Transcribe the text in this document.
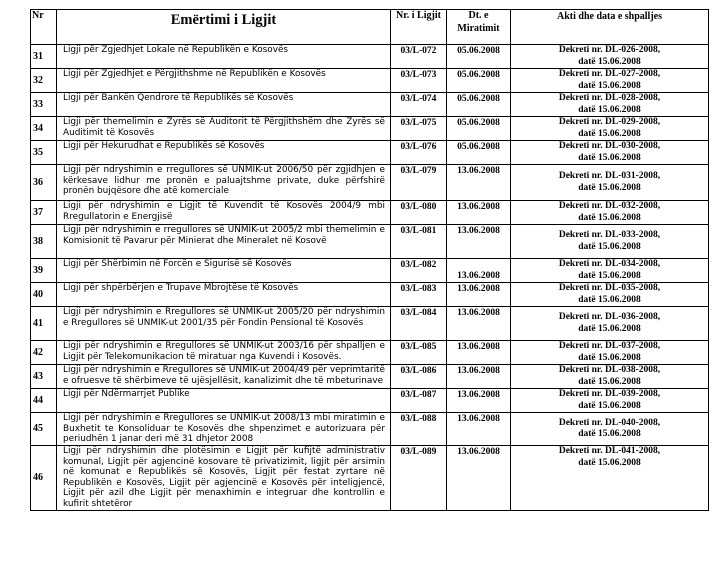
Nr	Emërtimi i Ligjit	Nr. i Ligjit	Dt. e Miratimit	Akti dhe data e shpalljes
31	Ligji për Zgjedhjet Lokale në Republikën e Kosovës	03/L-072	05.06.2008	Dekreti nr. DL-026-2008,
datë 15.06.2008

32	Ligji për Zgjedhjet e Përgjithshme në Republikën e Kosovës	03/L-073	05.06.2008	Dekreti nr. DL-027-2008,
datë 15.06.2008

33	Ligji për Bankën Qendrore të Republikës së Kosovës	03/L-074	05.06.2008	Dekreti nr. DL-028-2008,
datë 15.06.2008

34	Ligji për themelimin e Zyrës së Auditorit të Përgjithshëm dhe Zyrës së Auditimit të Kosovës	03/L-075	05.06.2008	Dekreti nr. DL-029-2008,
datë 15.06.2008

35	Ligji për Hekurudhat e Republikës së Kosovës	03/L-076	05.06.2008	Dekreti nr. DL-030-2008,
datë 15.06.2008

36	Ligji për ndryshimin e rregullores së UNMIK-ut 2006/50 për zgjidhjen e kërkesave lidhur me pronën e paluajtshme private, duke përfshirë pronën bujqësore dhe atë komerciale	03/L-079	13.06.2008	Dekreti nr. DL-031-2008,
datë 15.06.2008

37	Ligji për ndryshimin e Ligjit të Kuvendit të Kosovës 2004/9 mbi Rregullatorin e Energjisë	03/L-080	13.06.2008	Dekreti nr. DL-032-2008,
datë 15.06.2008

38	Ligji për ndryshimin e rregullores së UNMIK-ut 2005/2 mbi themelimin e Komisionit të Pavarur për Minierat dhe Mineralet në Kosovë	03/L-081	13.06.2008	Dekreti nr. DL-033-2008,
datë 15.06.2008

39	Ligji për Shërbimin në Forcën e Sigurisë së Kosovës	03/L-082	13.06.2008	Dekreti nr. DL-034-2008,
datë 15.06.2008

40	Ligji për shpërbërjen e Trupave Mbrojtëse të Kosovës	03/L-083	13.06.2008	Dekreti nr. DL-035-2008,
datë 15.06.2008

41	Ligji për ndryshimin e Rregullores së UNMIK-ut 2005/20 për ndryshimin e Rregullores së UNMIK-ut 2001/35 për Fondin Pensional të Kosovës	03/L-084	13.06.2008	Dekreti nr. DL-036-2008,
datë 15.06.2008

42	Ligji për ndryshimin e Rregullores së UNMIK-ut 2003/16 për shpalljen e Ligjit për Telekomunikacion të miratuar nga Kuvendi i Kosovës.	03/L-085	13.06.2008	Dekreti nr. DL-037-2008,
datë 15.06.2008

43	Ligji për ndryshimin e Rregullores së UNMIK-ut 2004/49 për veprimtaritë e ofruesve të shërbimeve të ujësjellësit, kanalizimit dhe të mbeturinave	03/L-086	13.06.2008	Dekreti nr. DL-038-2008,
datë 15.06.2008

44	Ligji për Ndërmarrjet Publike	03/L-087	13.06.2008	Dekreti nr. DL-039-2008,
datë 15.06.2008

45	Ligji për ndryshimin e Rregullores se UNMIK-ut 2008/13 mbi miratimin e Buxhetit te Konsoliduar te Kosovës dhe shpenzimet e autorizuara për periudhën 1 janar deri më 31 dhjetor 2008	03/L-088	13.06.2008	Dekreti nr. DL-040-2008,
datë 15.06.2008

46	Ligji për ndryshimin dhe plotësimin e Ligjit për kufijtë administrativ komunal, Ligjit për agjencinë kosovare të privatizimit, ligjit për arsimin në komunat e Republikës së Kosovës, Ligjit për festat zyrtare në Republikën e Kosovës, Ligjit për agjencinë e Kosovës për inteligjencë, Ligjit për azil dhe Ligjit për menaxhimin e integruar dhe kontrollin e kufirit shtetëror	03/L-089	13.06.2008	Dekreti nr. DL-041-2008,
datë 15.06.2008
